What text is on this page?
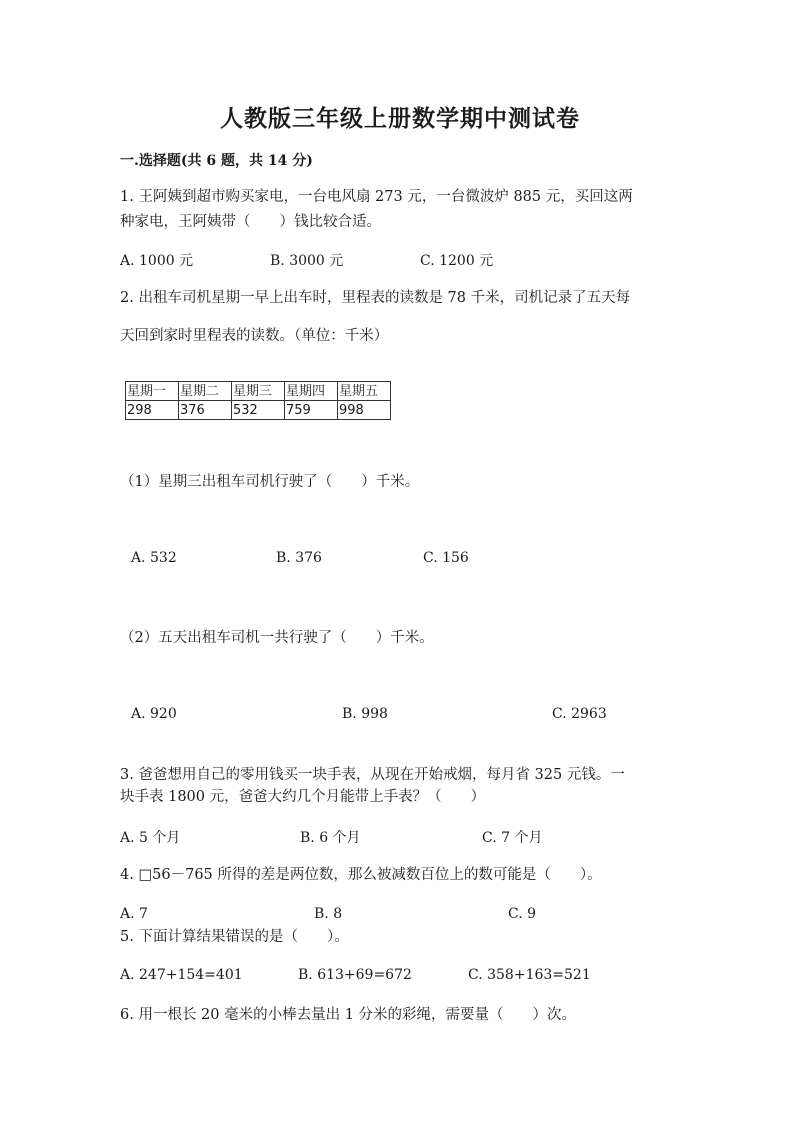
人教版三年级上册数学期中测试卷
一.选择题(共 6 题，共 14 分)
1. 王阿姨到超市购买家电，一台电风扇 273 元，一台微波炉 885 元，买回这两
种家电，王阿姨带（　　）钱比较合适。
A. 1000 元	B. 3000 元	C. 1200 元
2. 出租车司机星期一早上出车时，里程表的读数是 78 千米，司机记录了五天每
天回到家时里程表的读数。（单位：千米）
星期一	星期二	星期三	星期四	星期五
298	376	532	759	998
（1）星期三出租车司机行驶了（　　）千米。
A. 532	B. 376	C. 156
（2）五天出租车司机一共行驶了（　　）千米。
A. 920	B. 998	C. 2963
3. 爸爸想用自己的零用钱买一块手表，从现在开始戒烟，每月省 325 元钱。一
块手表 1800 元，爸爸大约几个月能带上手表？（　　）
A. 5 个月	B. 6 个月	C. 7 个月
4. □56－765 所得的差是两位数，那么被减数百位上的数可能是（　　）。
A. 7	B. 8	C. 9
5. 下面计算结果错误的是（　　）。
A. 247+154=401	B. 613+69=672	C. 358+163=521
6. 用一根长 20 毫米的小棒去量出 1 分米的彩绳，需要量（　　）次。
